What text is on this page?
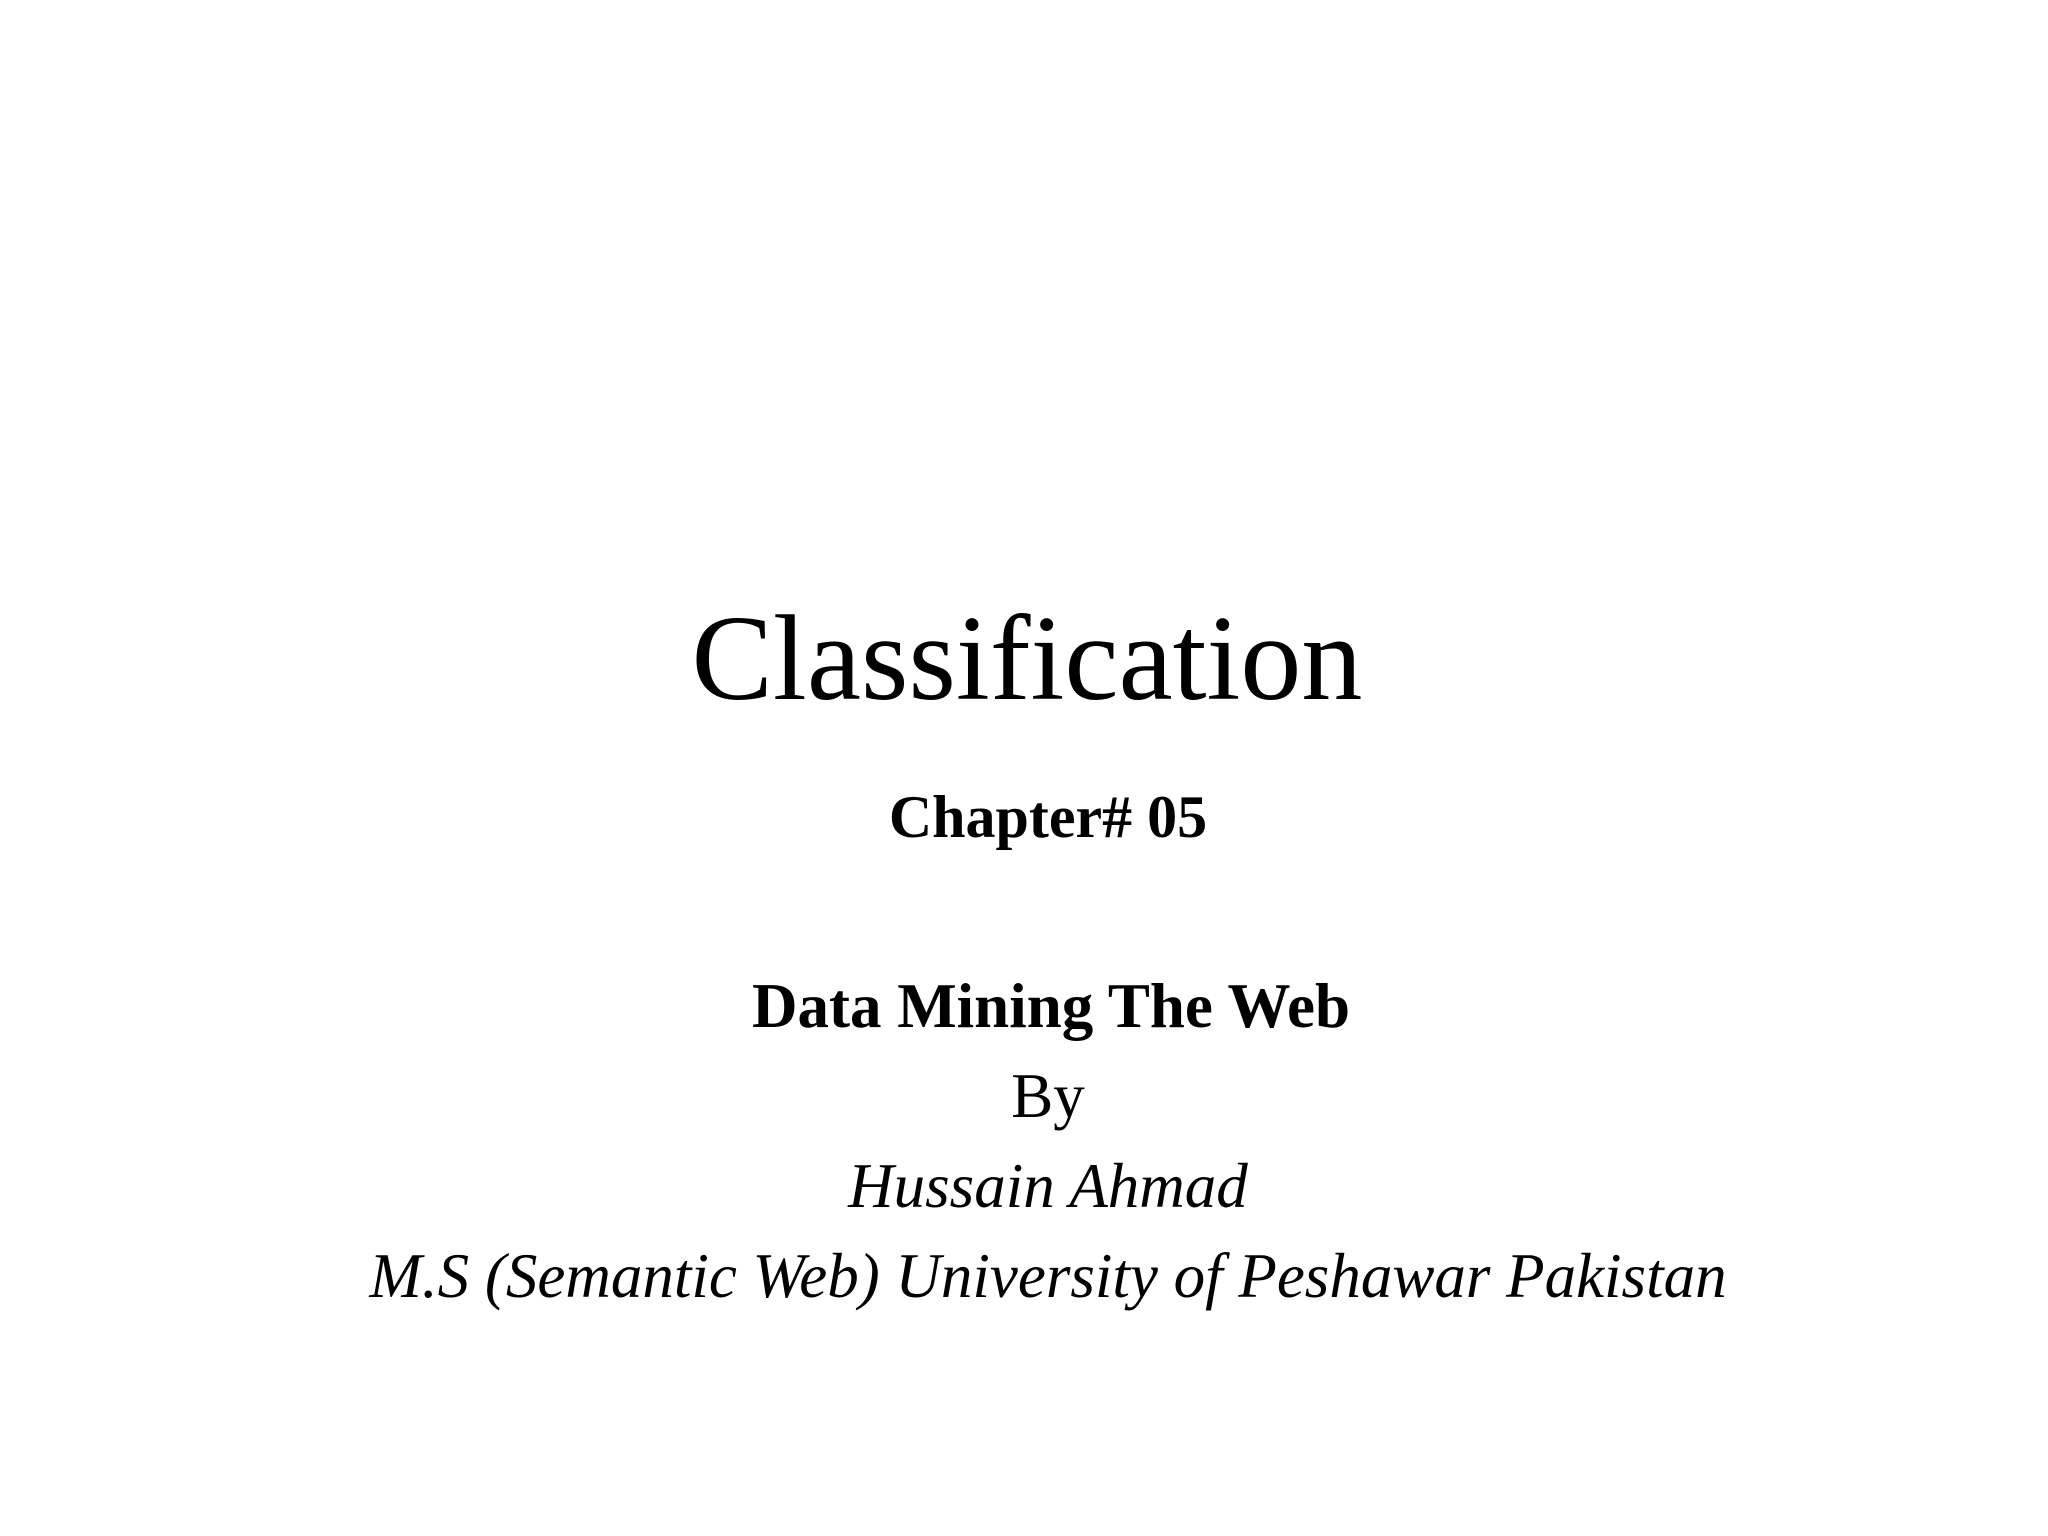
Classification
Chapter# 05
Data Mining The Web
By
Hussain Ahmad
M.S (Semantic Web) University of Peshawar Pakistan
